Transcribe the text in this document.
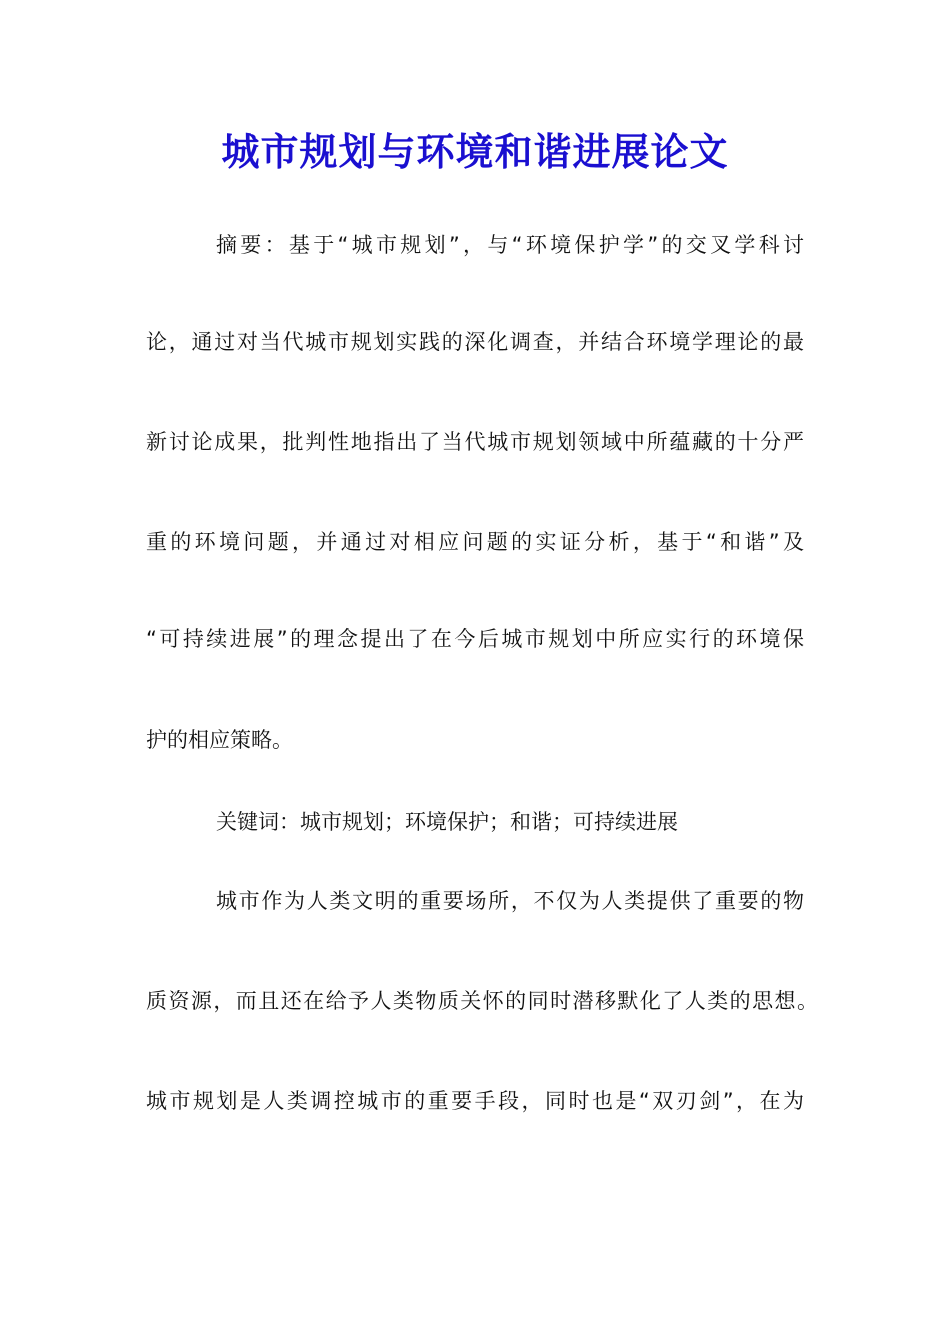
城市规划与环境和谐进展论文

摘要：基于“城市规划”，与“环境保护学”的交叉学科讨

论，通过对当代城市规划实践的深化调查，并结合环境学理论的最

新讨论成果，批判性地指出了当代城市规划领域中所蕴藏的十分严

重的环境问题，并通过对相应问题的实证分析，基于“和谐”及

“可持续进展”的理念提出了在今后城市规划中所应实行的环境保

护的相应策略。

关键词：城市规划；环境保护；和谐；可持续进展

城市作为人类文明的重要场所，不仅为人类提供了重要的物

质资源，而且还在给予人类物质关怀的同时潜移默化了人类的思想。

城市规划是人类调控城市的重要手段，同时也是“双刃剑”，在为
